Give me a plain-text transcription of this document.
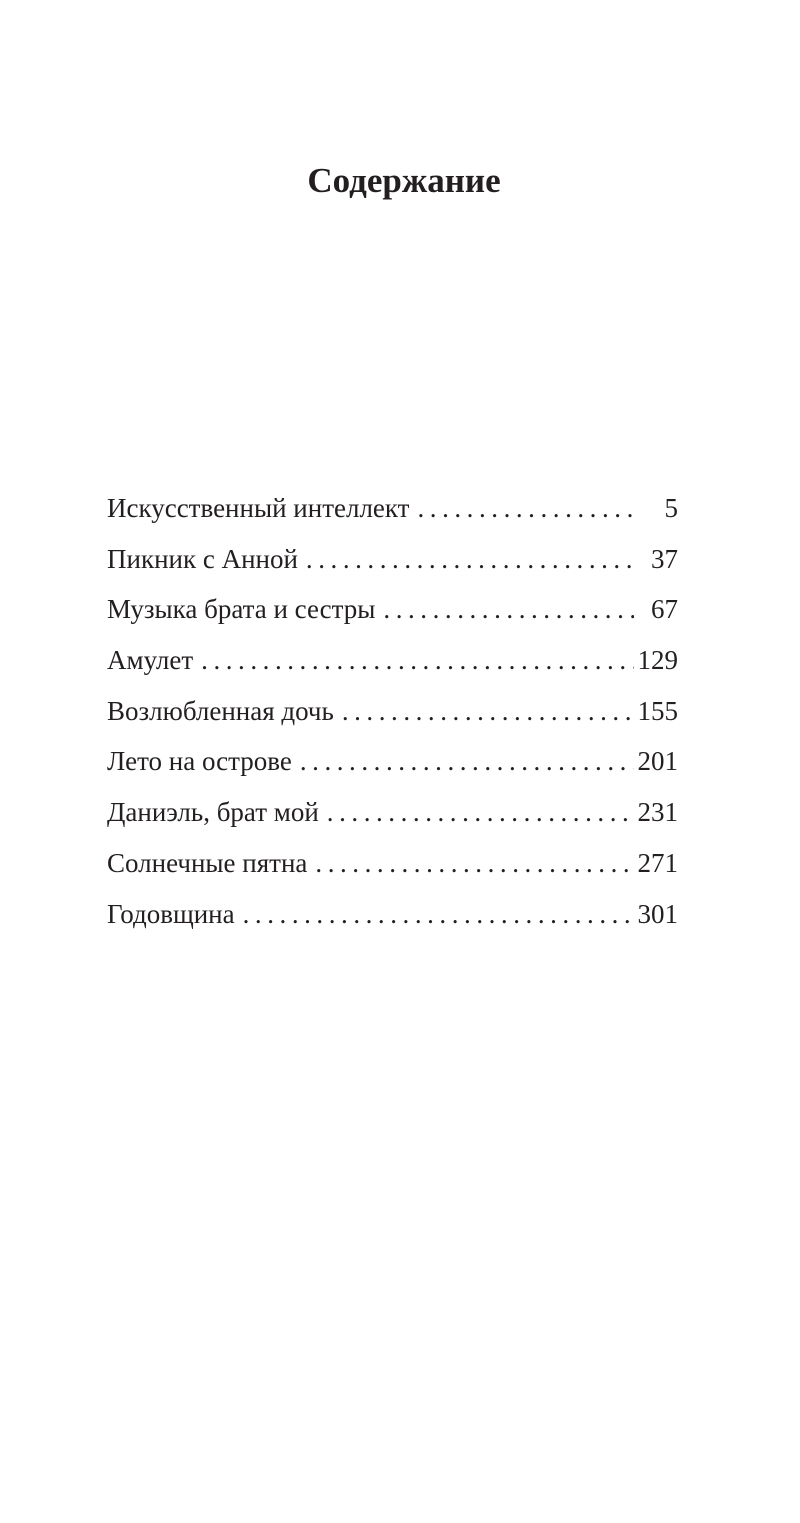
Содержание
Искусственный интеллект . . .	5
Пикник с Анной . . .	37
Музыка брата и сестры . . .	67
Амулет . . .	129
Возлюбленная дочь . . .	155
Лето на острове . . .	201
Даниэль, брат мой . . .	231
Солнечные пятна . . .	271
Годовщина . . .	301
